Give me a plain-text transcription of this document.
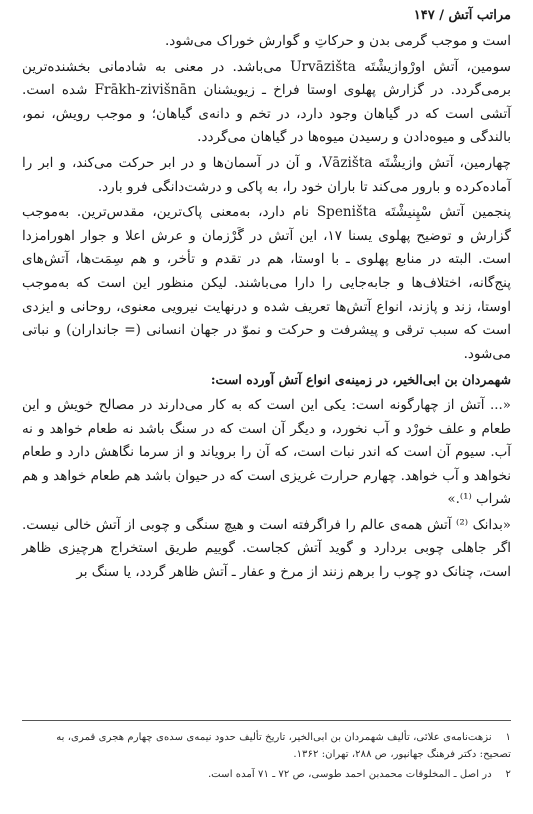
مراتب آتش / ۱۴۷

است و موجب گرمی بدن و حرکاتِ و گوارش خوراک می‌شود.

سومین، آتش اورْوازیشْتَه Urvāzišta می‌باشد. در معنی به شادمانی بخشنده‌ترین برمی‌گردد. در گزارش پهلوی اوستا فراخ ـ زیویشنان Frākh-zivišnān شده است. آتشی است که در گیاهان وجود دارد، در تخم و دانه‌ی گیاهان؛ و موجب رویش، نمو، بالندگی و میوه‌دادن و رسیدن میوه‌ها در گیاهان می‌گردد.

چهارمین، آتش وازیشْتَه Vāzišta، و آن در آسمان‌ها و در ابر حرکت می‌کند، و ابر را آماده‌کرده و بارور می‌کند تا باران خود را، به پاکی و درشت‌دانگی فرو بارد.

پنجمین آتش سْپِنیشْتَه Speništa نام دارد، به‌معنی پاک‌ترین، مقدس‌ترین. به‌موجب گزارش و توضیح پهلوی یسنا ۱۷، این آتش در گَرْزمان و عرش اعلا و جوار اهورامزدا است. البته در منابع پهلوی ـ با اوستا، هم در تقدم و تأخر، و هم سِمَت‌ها، آتش‌های پنج‌گانه، اختلاف‌ها و جابه‌جایی را دارا می‌باشند. لیکن منظور این است که به‌موجب اوستا، زند و پازند، انواع آتش‌ها تعریف شده و درنهایت نیرویی معنوی، روحانی و ایزدی است که سبب ترقی و پیشرفت و حرکت و نموّ در جهان انسانی (= جانداران) و نباتی می‌شود.

شهمردان بن ابی‌الخیر، در زمینه‌ی انواع آتش آورده است:

«... آتش از چهارگونه است: یکی این است که به کار می‌دارند در مصالح خویش و این طعام و علف خورْد و آب نخورد، و دیگر آن است که در سنگ باشد نه طعام خواهد و نه آب. سیوم آن است که اندر نبات است، که آن را برویاند و از سرما نگاهش دارد و طعام نخواهد و آب خواهد. چهارم حرارت غریزی است که در حیوان باشد هم طعام خواهد و هم شراب ⁽¹⁾.»

«بدانک ⁽²⁾ آتش همه‌ی عالم را فراگرفته است و هیچ سنگی و چوبی از آتش خالی نیست. اگر جاهلی چوبی بردارد و گوید آتش کجاست. گوییم طریق استخراج هرچیزی ظاهر است، چنانک دو چوب را برهم زنند از مرخ و عفار ـ آتش ظاهر گردد، یا سنگ بر

۱ نزهت‌نامه‌ی علائی، تألیف شهمردان بن ابی‌الخیر، تاریخ تألیف حدود نیمه‌ی سده‌ی چهارم هجری قمری، به تصحیح: دکتر فرهنگ جهانپور، ص ۲۸۸، تهران: ۱۳۶۲.

۲ در اصل ـ المخلوقات محمدبن احمد طوسی، ص ۷۲ ـ ۷۱ آمده است.
